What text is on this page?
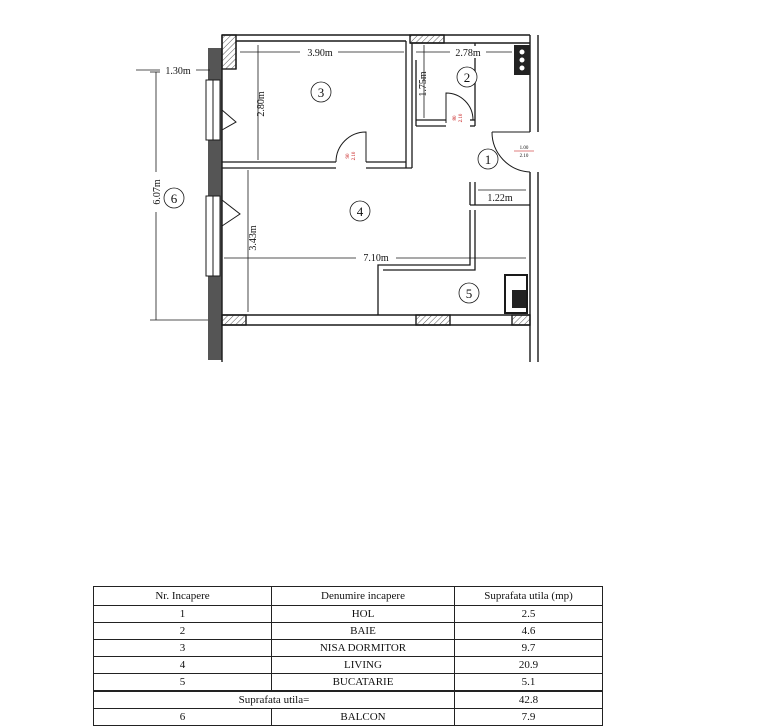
1.00
2.10
80 2.10
90 2.10
3.90m	2.78m
1.30m
2.80m
1.75m
6.07m
3.43m
7.10m
1.22m
1
2
3
4
5
6
Nr. Incapere	Denumire incapere	Suprafata utila (mp)
1	HOL	2.5
2	BAIE	4.6
3	NISA DORMITOR	9.7
4	LIVING	20.9
5	BUCATARIE	5.1
Suprafata utila=		42.8
6	BALCON	7.9
